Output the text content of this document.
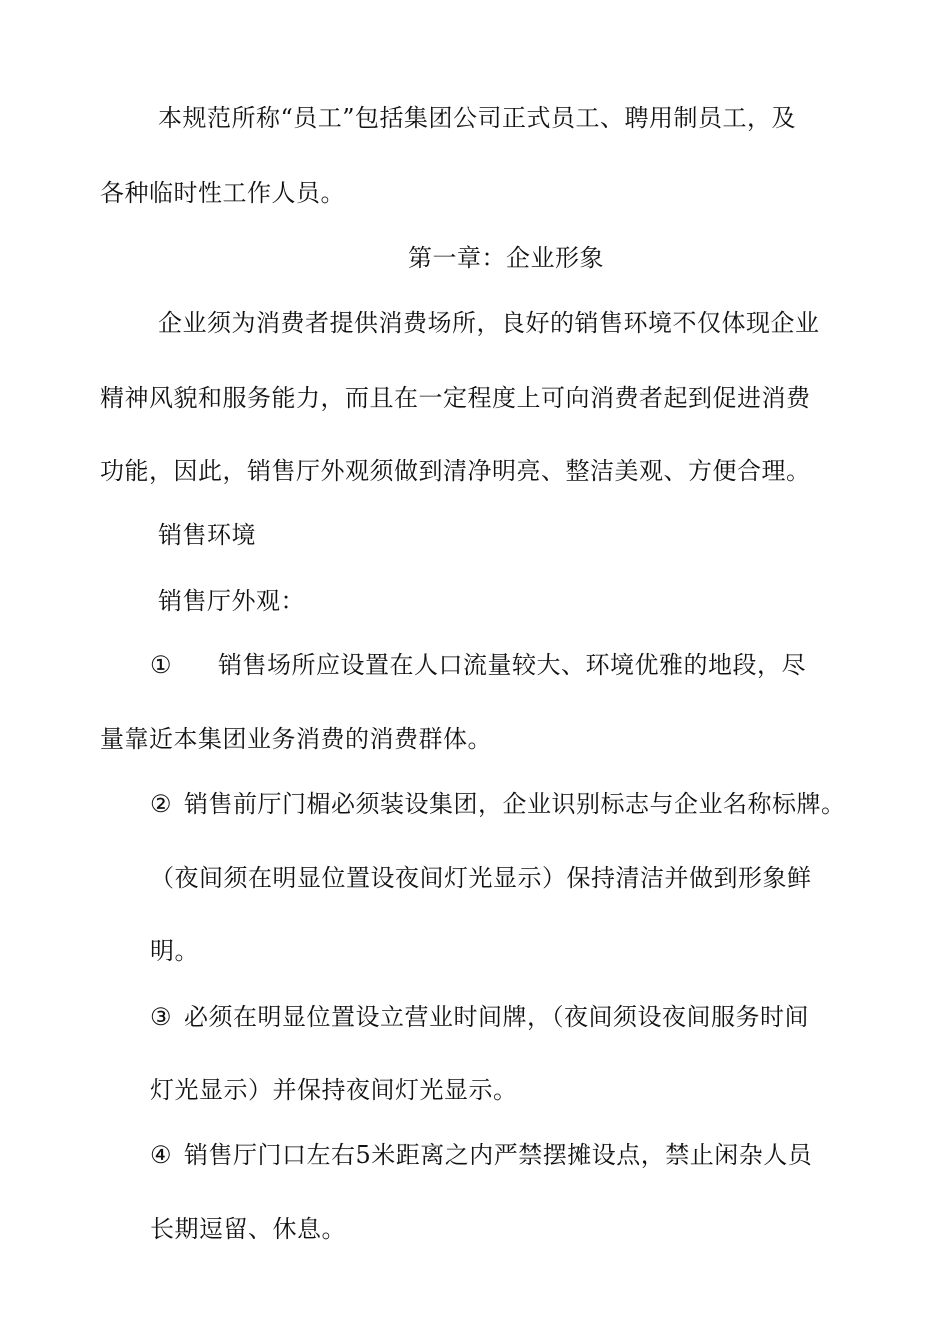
本规范所称“员工”包括集团公司正式员工、聘用制员工，及

各种临时性工作人员。

第一章：企业形象

企业须为消费者提供消费场所，良好的销售环境不仅体现企业

精神风貌和服务能力，而且在一定程度上可向消费者起到促进消费

功能，因此，销售厅外观须做到清净明亮、整洁美观、方便合理。

销售环境

销售厅外观：

① 销售场所应设置在人口流量较大、环境优雅的地段，尽

量靠近本集团业务消费的消费群体。

② 销售前厅门楣必须装设集团，企业识别标志与企业名称标牌。

（夜间须在明显位置设夜间灯光显示）保持清洁并做到形象鲜

明。

③ 必须在明显位置设立营业时间牌，（夜间须设夜间服务时间

灯光显示）并保持夜间灯光显示。

④ 销售厅门口左右5米距离之内严禁摆摊设点，禁止闲杂人员

长期逗留、休息。
